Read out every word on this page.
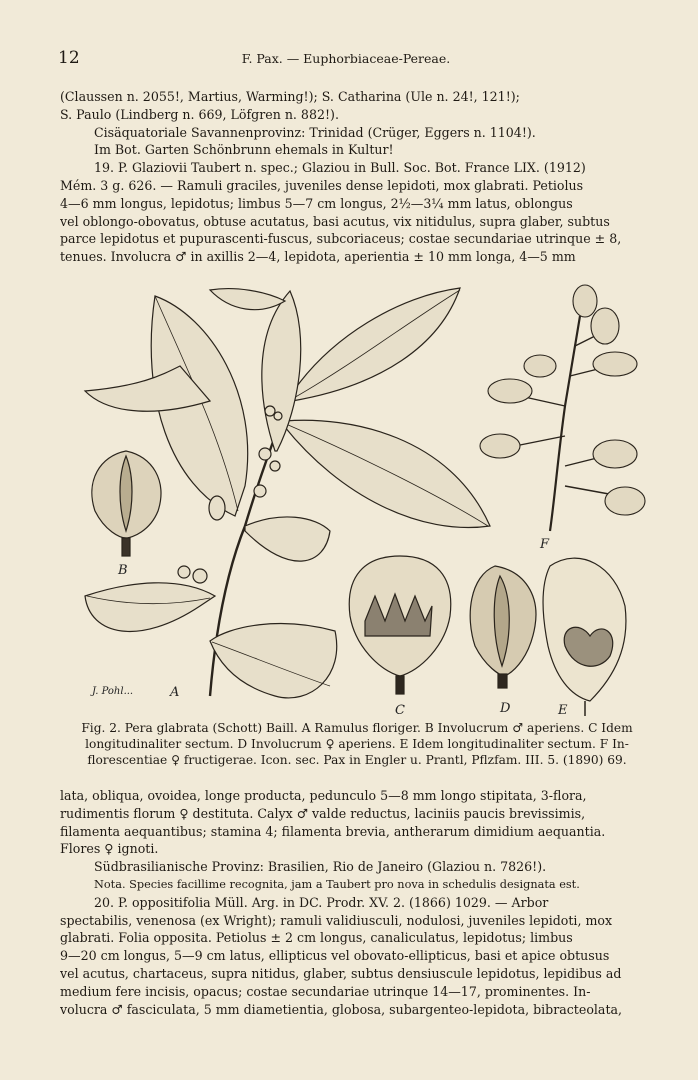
12	F. Pax. — Euphorbiaceae-Pereae.
(Claussen n. 2055!, Martius, Warming!); S. Catharina (Ule n. 24!, 121!);
S. Paulo (Lindberg n. 669, Löfgren n. 882!).
Cisäquatoriale Savannenprovinz: Trinidad (Crüger, Eggers n. 1104!).
Im Bot. Garten Schönbrunn ehemals in Kultur!
19. P. Glaziovii Taubert n. spec.; Glaziou in Bull. Soc. Bot. France LIX. (1912)
Mém. 3 g. 626. — Ramuli graciles, juveniles dense lepidoti, mox glabrati. Petiolus
4—6 mm longus, lepidotus; limbus 5—7 cm longus, 2½—3¼ mm latus, oblongus
vel oblongo-obovatus, obtuse acutatus, basi acutus, vix nitidulus, supra glaber, subtus
parce lepidotus et pupurascenti-fuscus, subcoriaceus; costae secundariae utrinque ± 8,
tenues. Involucra ♂ in axillis 2—4, lepidota, aperientia ± 10 mm longa, 4—5 mm
A
B
C	D	E
F
J. Pohl...
Fig. 2. Pera glabrata (Schott) Baill. A Ramulus floriger. B Involucrum ♂ aperiens. C Idem
longitudinaliter sectum. D Involucrum ♀ aperiens. E Idem longitudinaliter sectum. F In-
florescentiae ♀ fructigerae. Icon. sec. Pax in Engler u. Prantl, Pflzfam. III. 5. (1890) 69.
lata, obliqua, ovoidea, longe producta, pedunculo 5—8 mm longo stipitata, 3-flora,
rudimentis florum ♀ destituta. Calyx ♂ valde reductus, laciniis paucis brevissimis,
filamenta aequantibus; stamina 4; filamenta brevia, antherarum dimidium aequantia.
Flores ♀ ignoti.
Südbrasilianische Provinz: Brasilien, Rio de Janeiro (Glaziou n. 7826!).
Nota. Species facillime recognita, jam a Taubert pro nova in schedulis designata est.
20. P. oppositifolia Müll. Arg. in DC. Prodr. XV. 2. (1866) 1029. — Arbor
spectabilis, venenosa (ex Wright); ramuli validiusculi, nodulosi, juveniles lepidoti, mox
glabrati. Folia opposita. Petiolus ± 2 cm longus, canaliculatus, lepidotus; limbus
9—20 cm longus, 5—9 cm latus, ellipticus vel obovato-ellipticus, basi et apice obtusus
vel acutus, chartaceus, supra nitidus, glaber, subtus densiuscule lepidotus, lepidibus ad
medium fere incisis, opacus; costae secundariae utrinque 14—17, prominentes. In-
volucra ♂ fasciculata, 5 mm diametientia, globosa, subargenteo-lepidota, bibracteolata,
